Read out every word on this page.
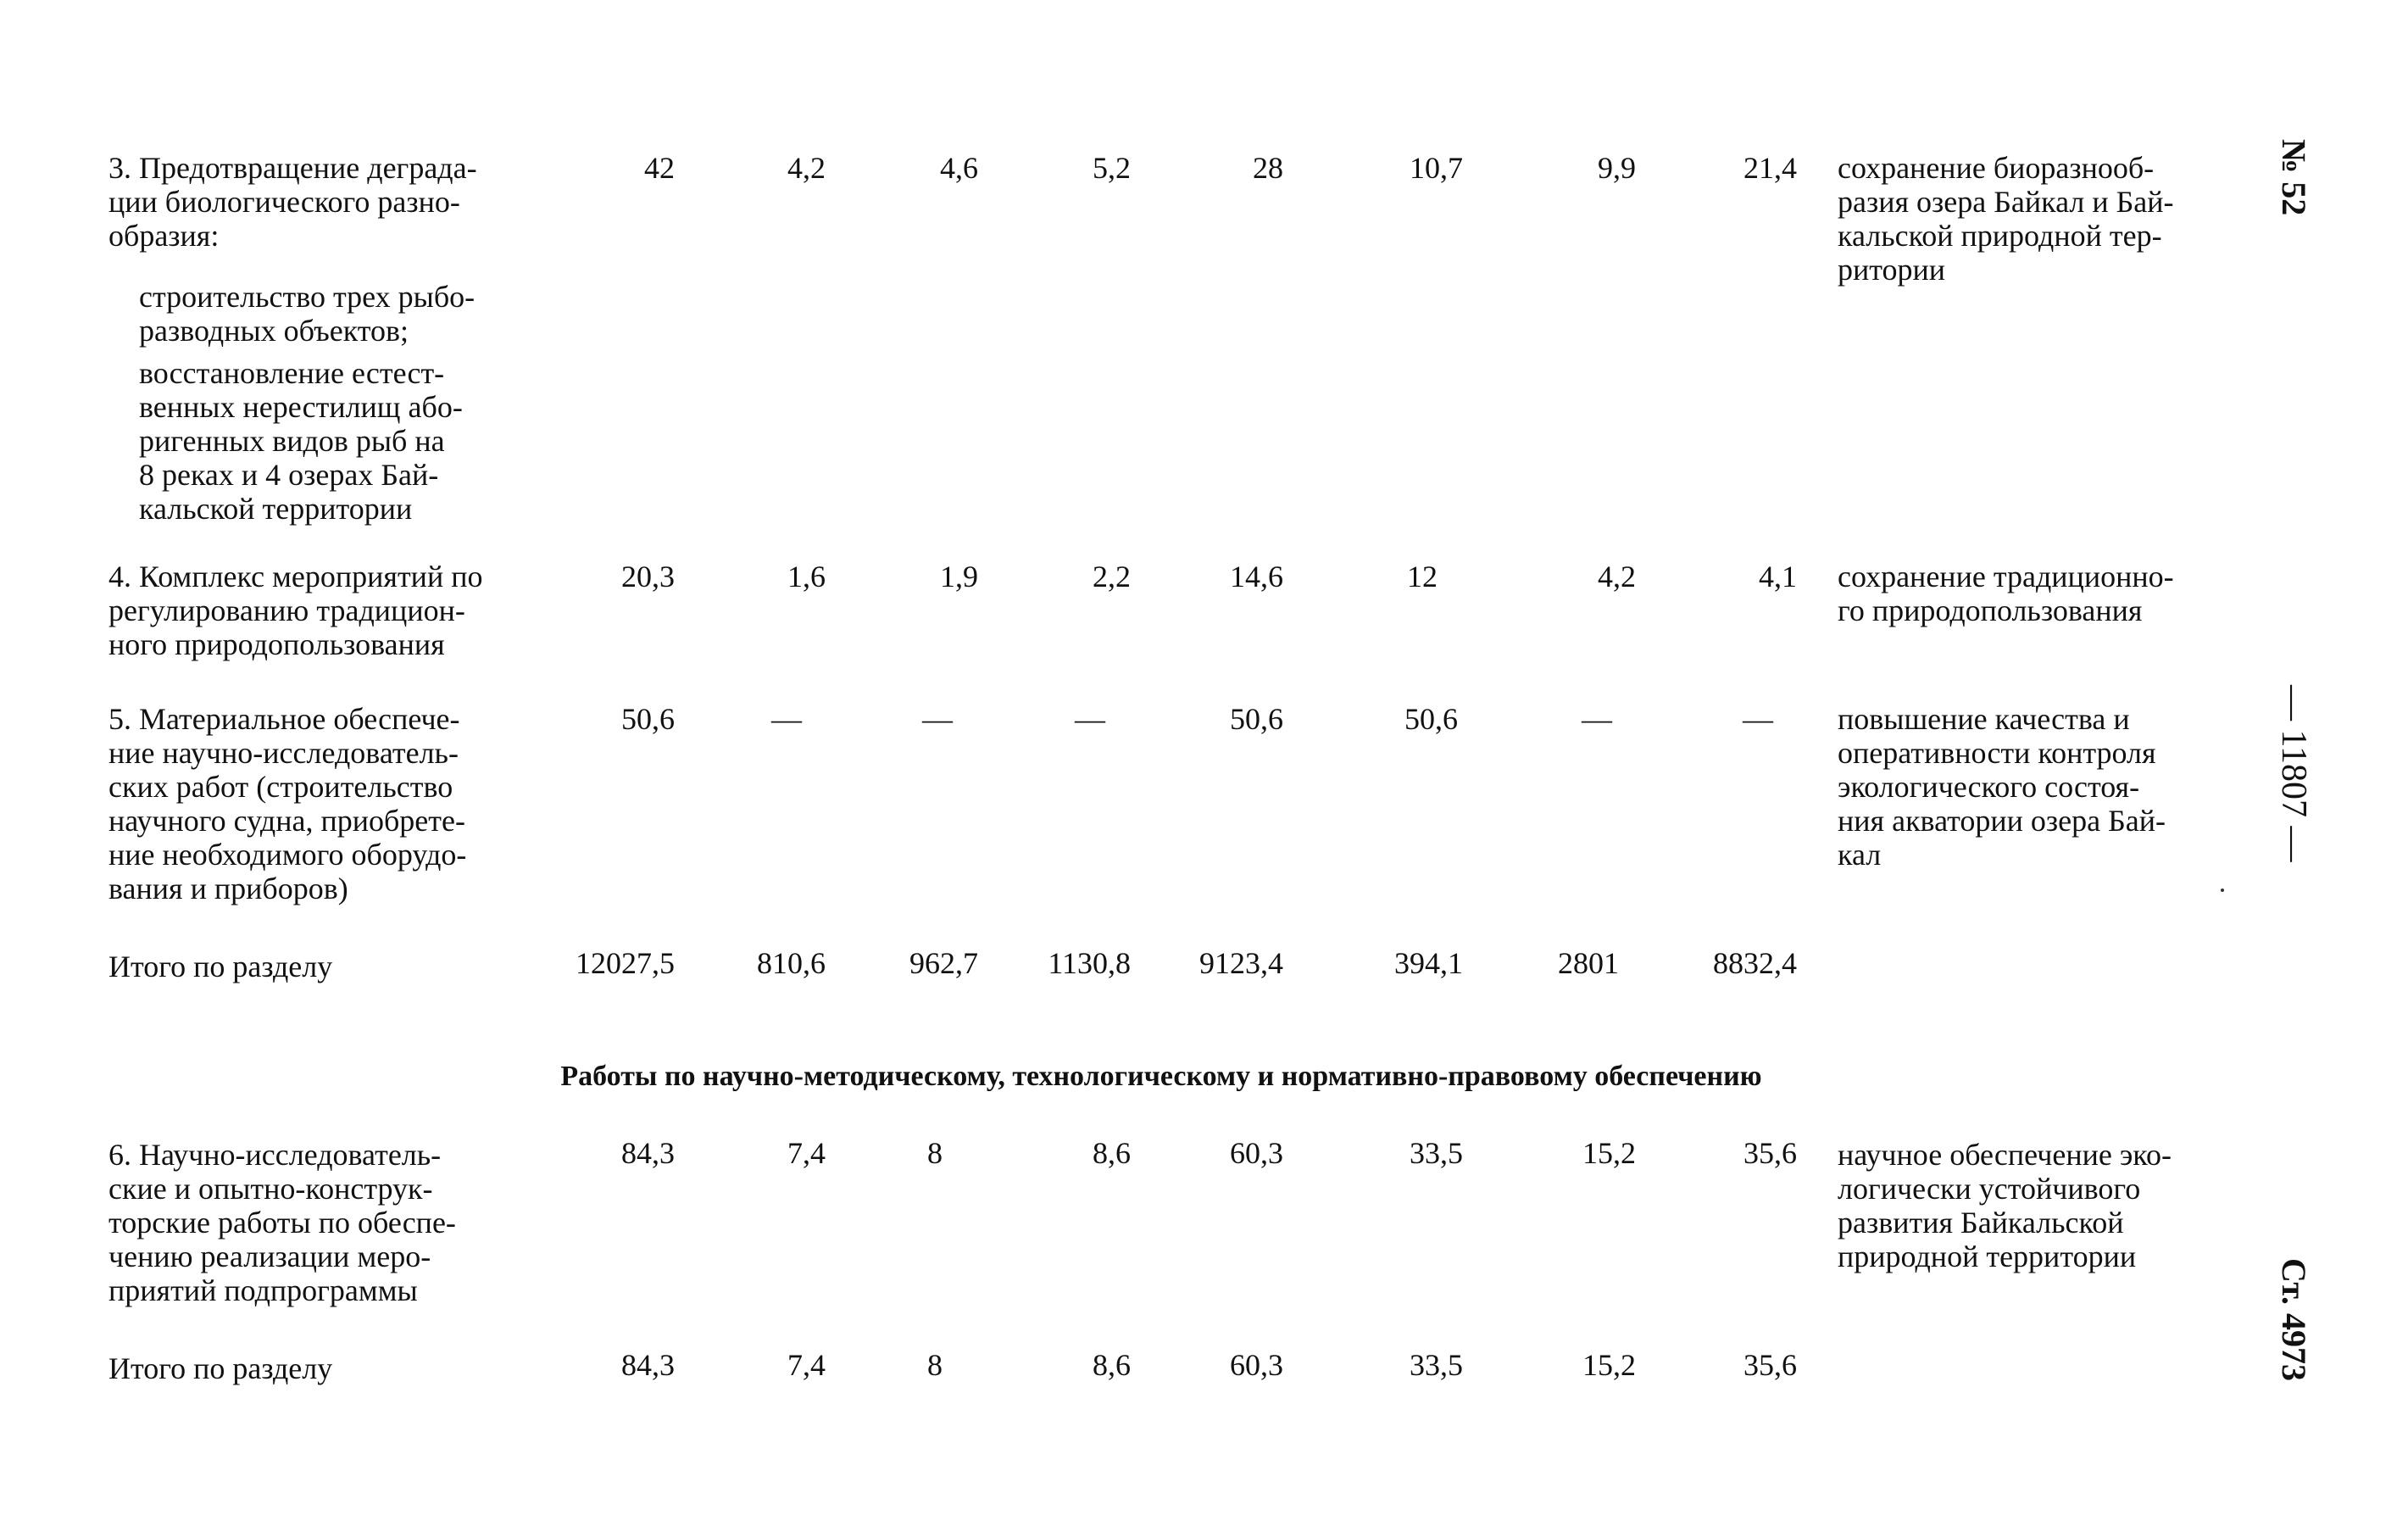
3. Предотвращение деграда-
ции биологического разно-
образия:
строительство трех рыбо-
разводных объектов;
восстановление естест-
венных нерестилищ або-
ригенных видов рыб на
8 реках и 4 озерах Бай-
кальской территории
42	4,2	4,6	5,2	28	10,7	9,9	21,4 сохранение биоразнооб-
разия озера Байкал и Бай-
кальской природной тер-
ритории
4. Комплекс мероприятий по
регулированию традицион-
ного природопользования
20,3	1,6	1,9	2,2	14,6	12	4,2	4,1 сохранение традиционно-
го природопользования
5. Материальное обеспече-
ние научно-исследователь-
ских работ (строительство
научного судна, приобрете-
ние необходимого оборудо-
вания и приборов)
50,6	—	—	—	50,6	50,6	—	— повышение качества и
оперативности контроля
экологического состоя-
ния акватории озера Бай-
кал
Итого по разделу	12027,5	810,6	962,7	1130,8	9123,4	394,1	2801	8832,4
Работы по научно-методическому, технологическому и нормативно-правовому обеспечению
6. Научно-исследователь-
ские и опытно-конструк-
торские работы по обеспе-
чению реализации меро-
приятий подпрограммы
84,3	7,4	8	8,6	60,3	33,5	15,2	35,6 научное обеспечение эко-
логически устойчивого
развития Байкальской
природной территории
Итого по разделу	84,3	7,4	8	8,6	60,3	33,5	15,2	35,6
№ 52
— 11807 —
Ст. 4973
